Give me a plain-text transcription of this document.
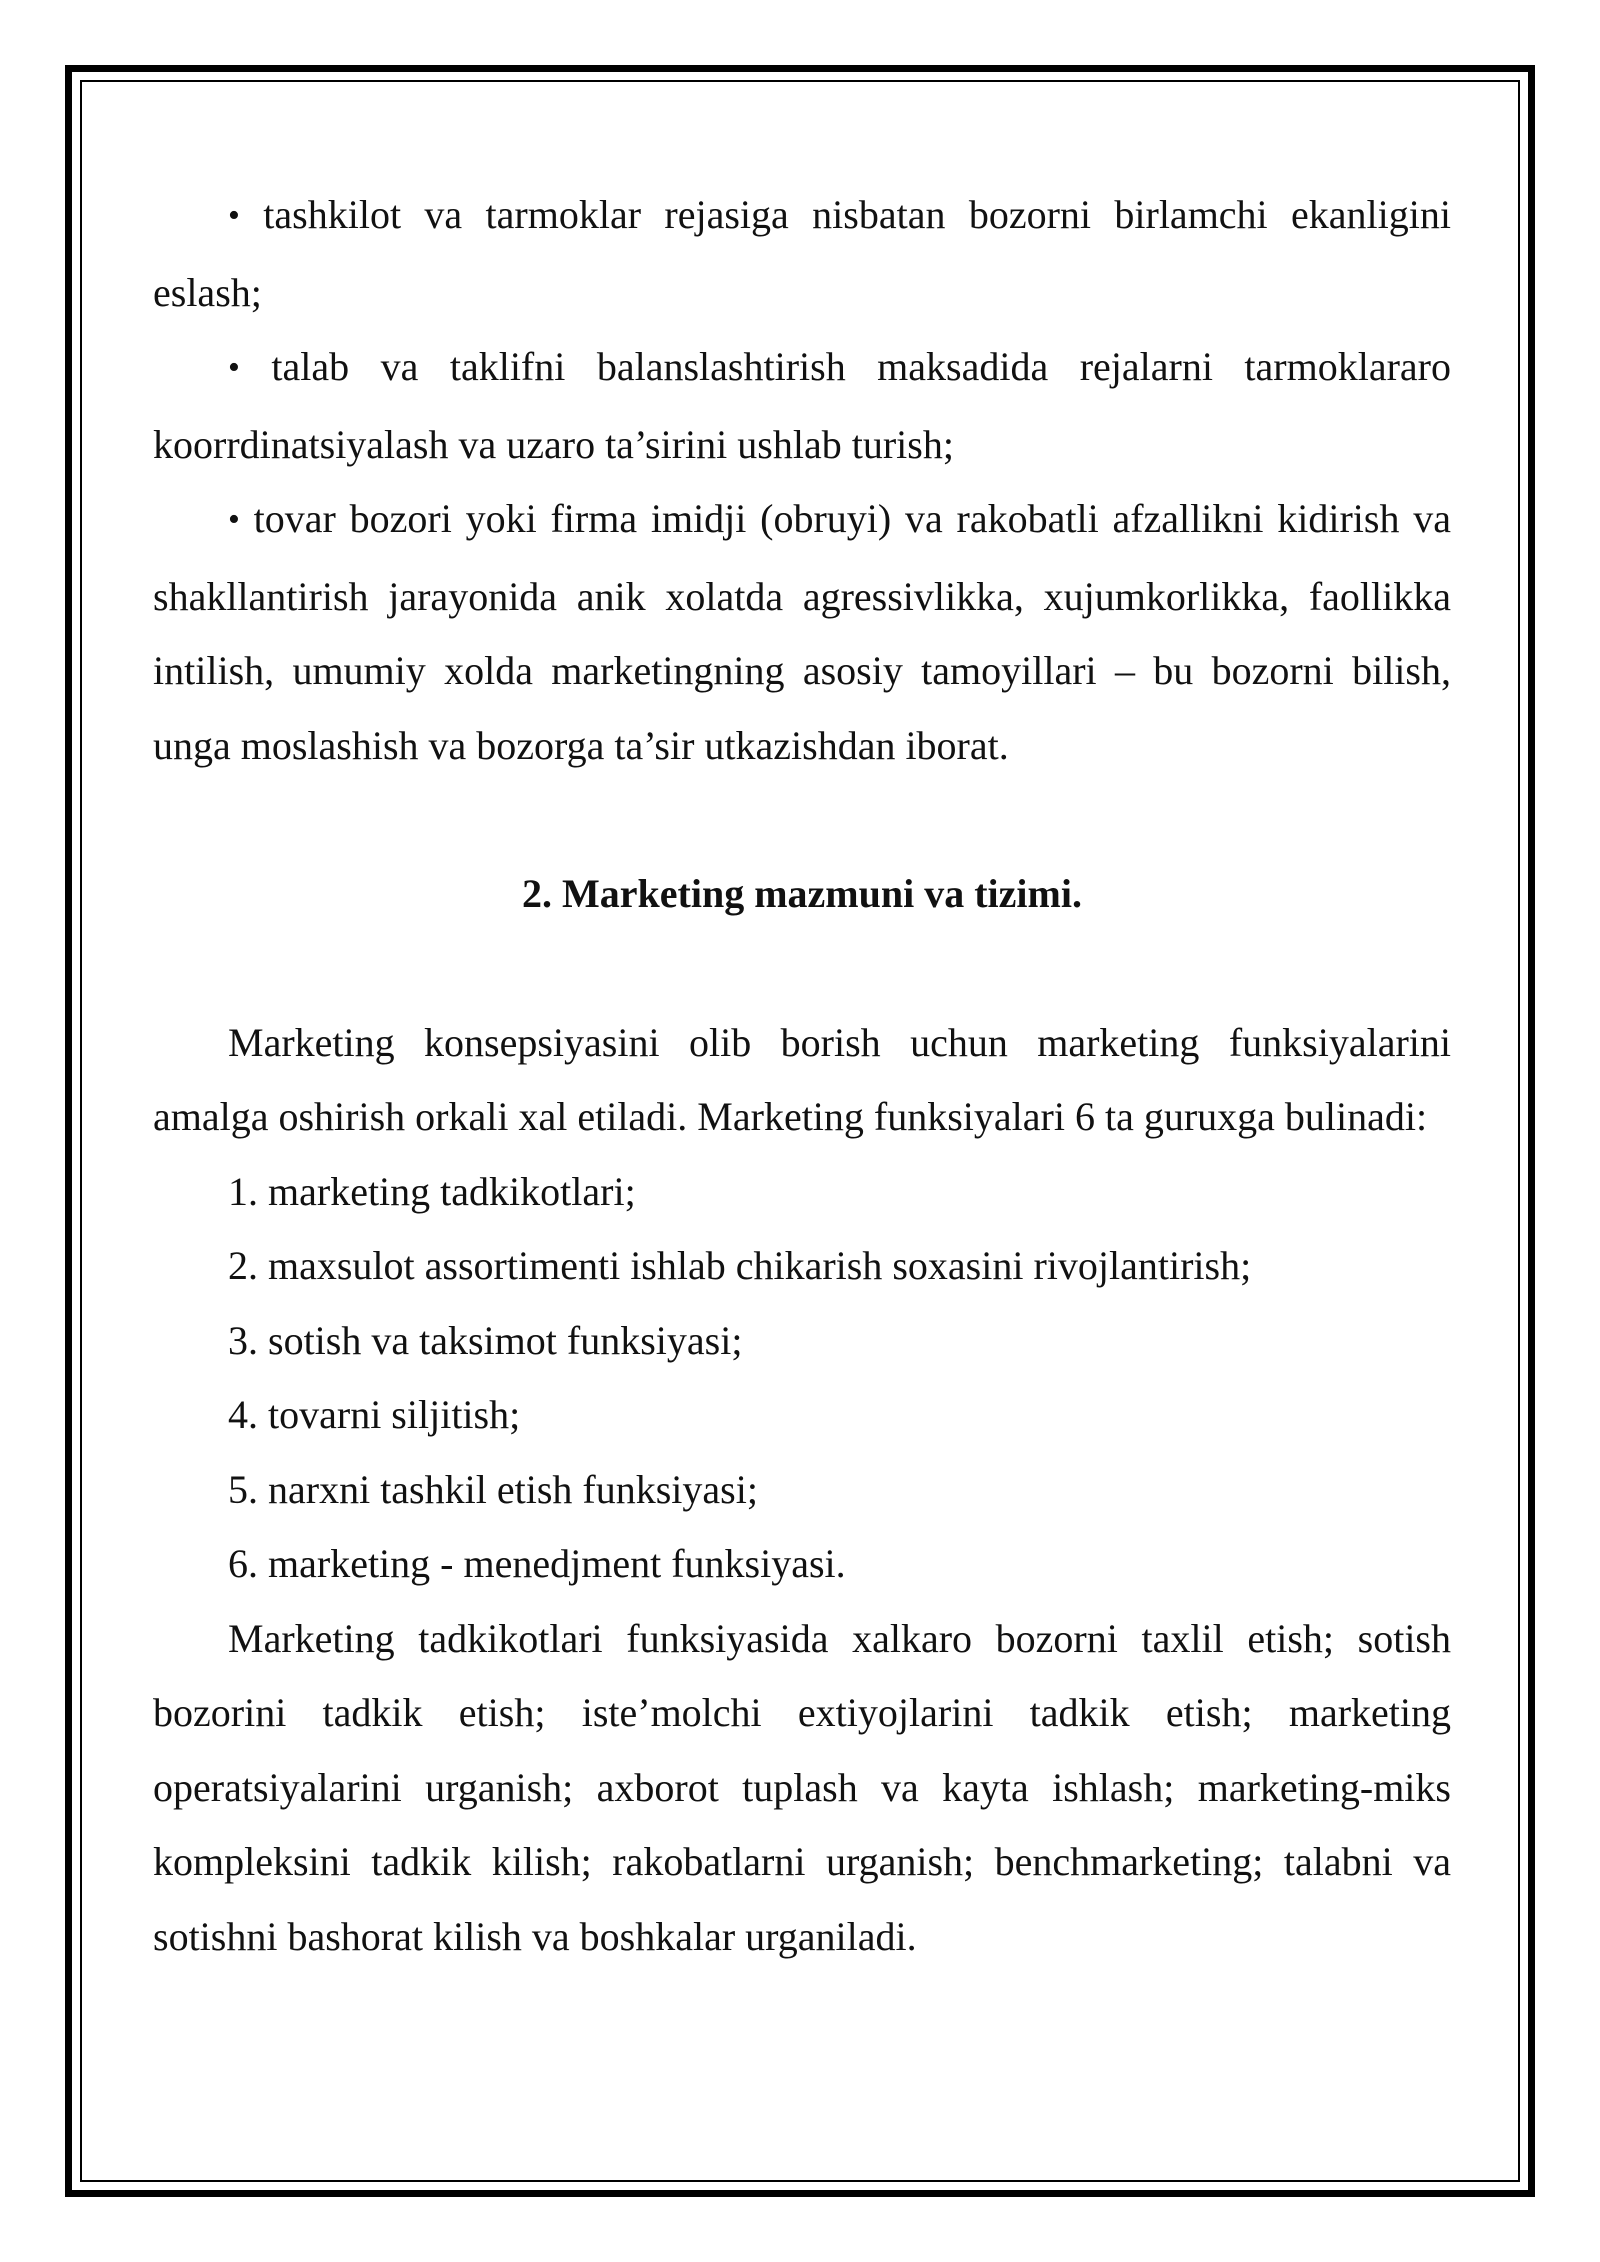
• tashkilot va tarmoklar rejasiga nisbatan bozorni birlamchi ekanligini eslash;

• talab va taklifni balanslashtirish maksadida rejalarni tarmoklararo koorrdinatsiyalash va uzaro ta’sirini ushlab turish;

• tovar bozori yoki firma imidji (obruyi) va rakobatli afzallikni kidirish va shakllantirish jarayonida anik xolatda agressivlikka, xujumkorlikka, faollikka intilish, umumiy xolda marketingning asosiy tamoyillari – bu bozorni bilish, unga moslashish va bozorga ta’sir utkazishdan iborat.

2. Marketing mazmuni va tizimi.

Marketing konsepsiyasini olib borish uchun marketing funksiyalarini amalga oshirish orkali xal etiladi. Marketing funksiyalari 6 ta guruxga bulinadi:

1. marketing tadkikotlari;

2. maxsulot assortimenti ishlab chikarish soxasini rivojlantirish;

3. sotish va taksimot funksiyasi;

4. tovarni siljitish;

5. narxni tashkil etish funksiyasi;

6. marketing - menedjment funksiyasi.

Marketing tadkikotlari funksiyasida xalkaro bozorni taxlil etish; sotish bozorini tadkik etish; iste’molchi extiyojlarini tadkik etish; marketing operatsiyalarini urganish; axborot tuplash va kayta ishlash; marketing-miks kompleksini tadkik kilish; rakobatlarni urganish; benchmarketing; talabni va sotishni bashorat kilish va boshkalar urganiladi.
